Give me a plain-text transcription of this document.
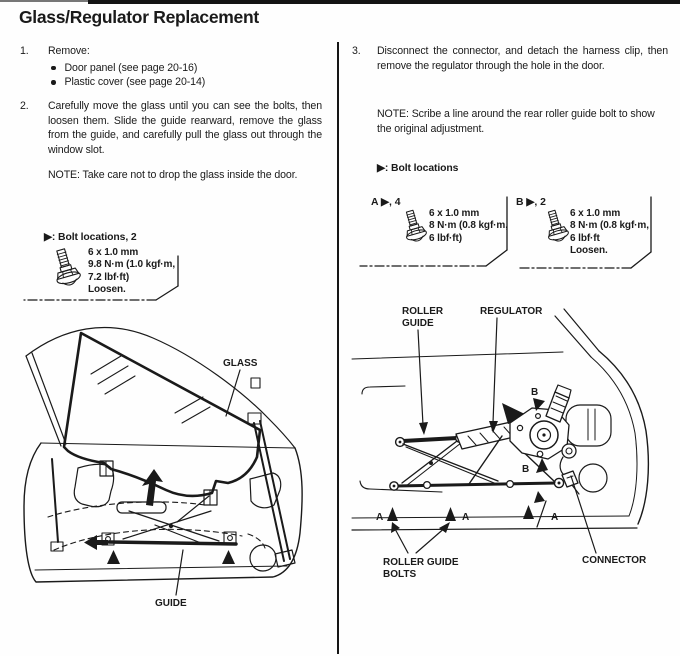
Glass/Regulator Replacement
1.	Remove:
Door panel (see page 20-16)
Plastic cover (see page 20-14)
2.	Carefully move the glass until you can see the bolts, then loosen them. Slide the guide rearward, remove the glass from the guide, and carefully pull the glass out through the window slot.
NOTE: Take care not to drop the glass inside the door.
▶: Bolt locations, 2
6 x 1.0 mm
9.8 N·m (1.0 kgf·m,
7.2 lbf·ft)
Loosen.
3.	Disconnect the connector, and detach the harness clip, then remove the regulator through the hole in the door.
NOTE: Scribe a line around the rear roller guide bolt to show the original adjustment.
▶: Bolt locations
A ▶, 4
6 x 1.0 mm
8 N·m (0.8 kgf·m,
6 lbf·ft)
B ▶, 2
6 x 1.0 mm
8 N·m (0.8 kgf·m,
6 lbf·ft
Loosen.
GLASS
GUIDE
B
B
A	A	A
ROLLER
GUIDE
REGULATOR
ROLLER GUIDE
BOLTS
CONNECTOR
